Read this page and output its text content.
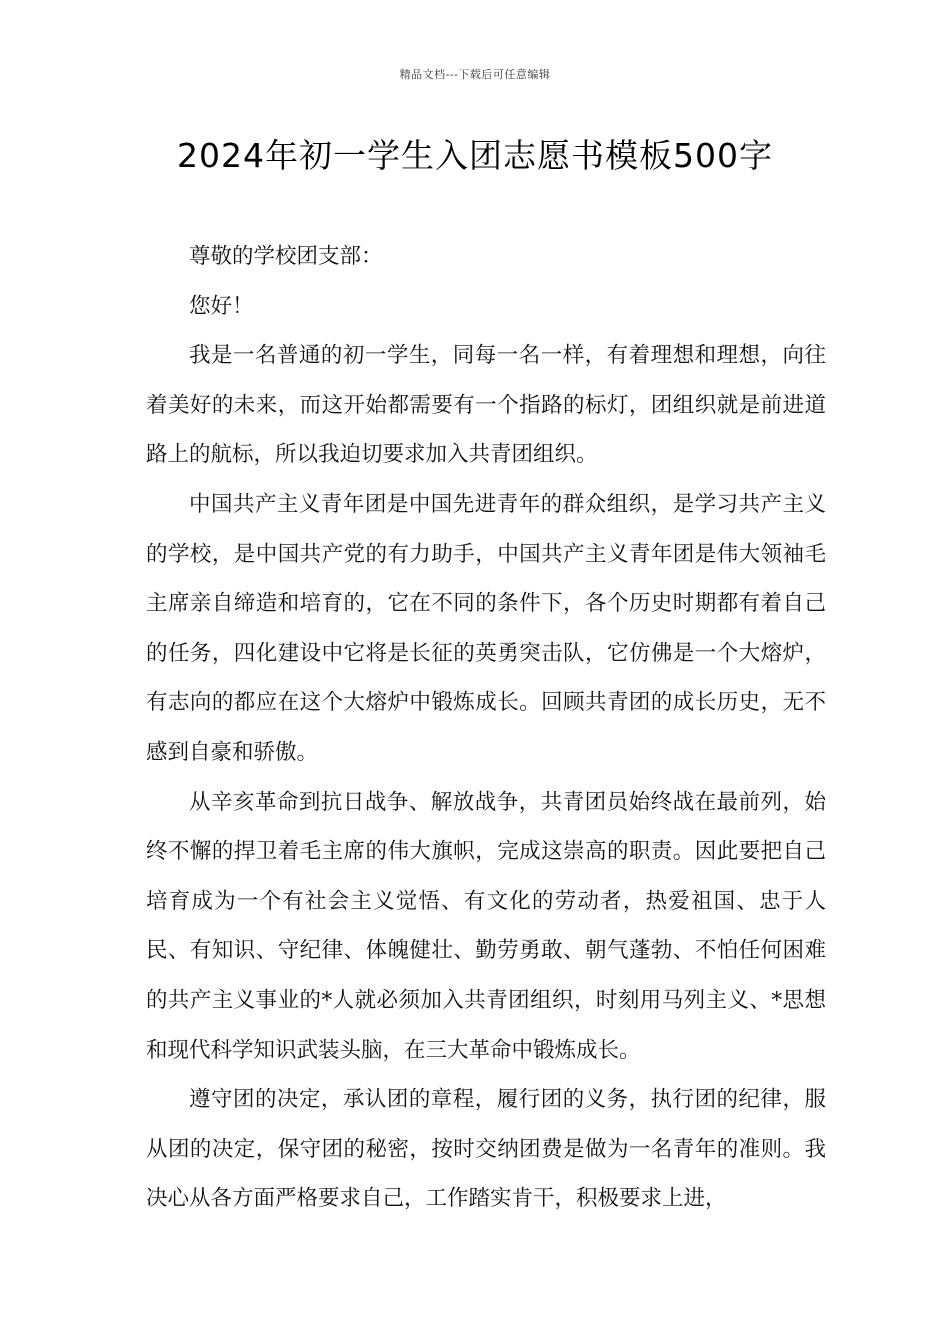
精品文档---下载后可任意编辑
2024年初一学生入团志愿书模板500字

尊敬的学校团支部：

您好！

我是一名普通的初一学生，同每一名一样，有着理想和理想，向往着美好的未来，而这开始都需要有一个指路的标灯，团组织就是前进道路上的航标，所以我迫切要求加入共青团组织。

中国共产主义青年团是中国先进青年的群众组织，是学习共产主义的学校，是中国共产党的有力助手，中国共产主义青年团是伟大领袖毛主席亲自缔造和培育的，它在不同的条件下，各个历史时期都有着自己的任务，四化建设中它将是长征的英勇突击队，它仿佛是一个大熔炉，有志向的都应在这个大熔炉中锻炼成长。回顾共青团的成长历史，无不感到自豪和骄傲。

从辛亥革命到抗日战争、解放战争，共青团员始终战在最前列，始终不懈的捍卫着毛主席的伟大旗帜，完成这崇高的职责。因此要把自己培育成为一个有社会主义觉悟、有文化的劳动者，热爱祖国、忠于人民、有知识、守纪律、体魄健壮、勤劳勇敢、朝气蓬勃、不怕任何困难的共产主义事业的*人就必须加入共青团组织，时刻用马列主义、*思想和现代科学知识武装头脑，在三大革命中锻炼成长。

遵守团的决定，承认团的章程，履行团的义务，执行团的纪律，服从团的决定，保守团的秘密，按时交纳团费是做为一名青年的准则。我决心从各方面严格要求自己，工作踏实肯干，积极要求上进，
